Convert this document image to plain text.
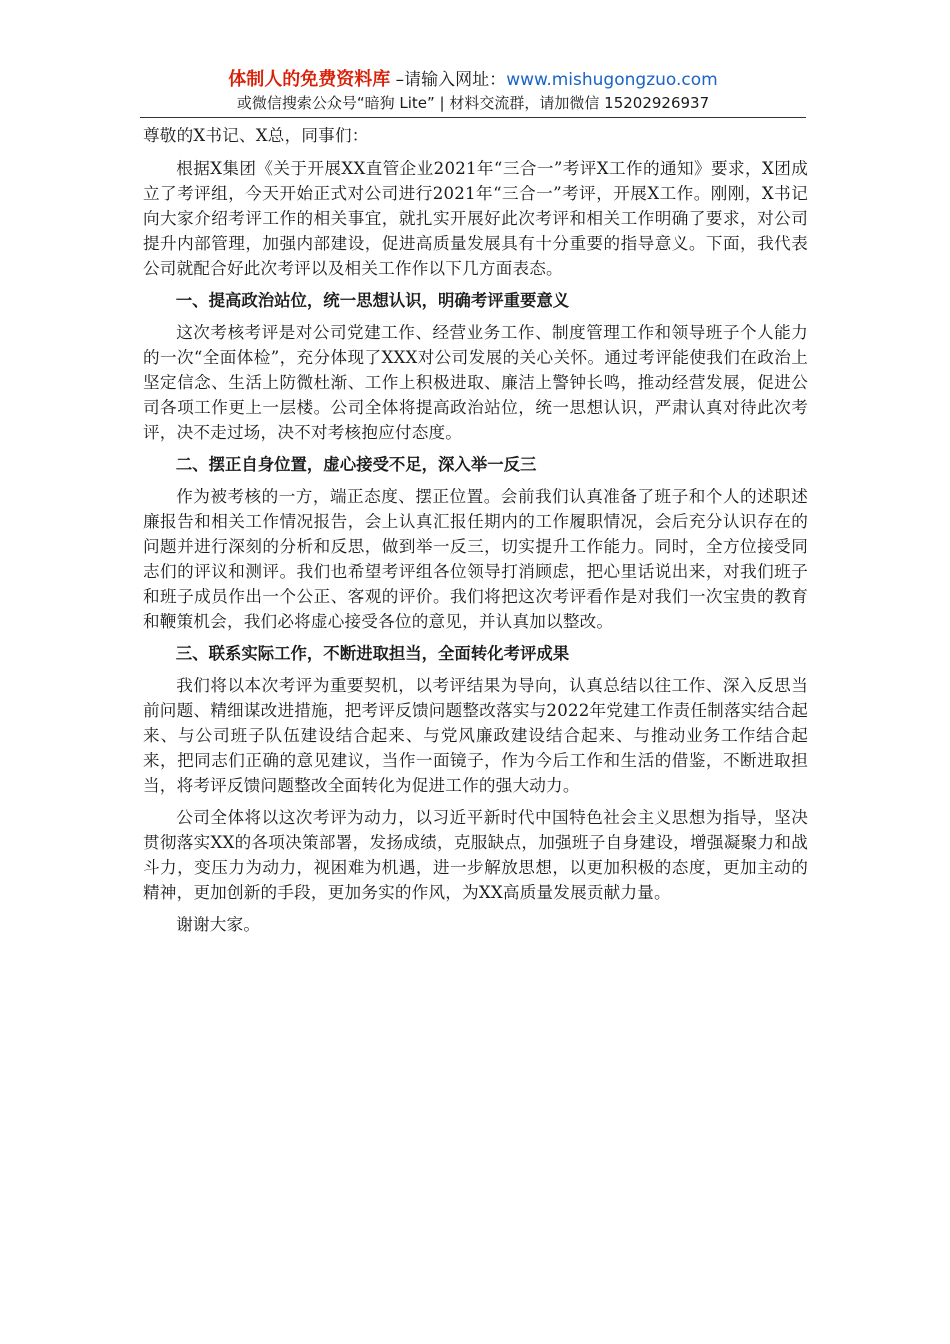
体制人的免费资料库 –请输入网址：www.mishugongzuo.com
或微信搜索公众号“暗狗 Lite” | 材料交流群，请加微信 15202926937

尊敬的X书记、X总，同事们：

根据X集团《关于开展XX直管企业2021年“三合一”考评X工作的通知》要求，X团成立了考评组，今天开始正式对公司进行2021年“三合一”考评，开展X工作。刚刚，X书记向大家介绍考评工作的相关事宜，就扎实开展好此次考评和相关工作明确了要求，对公司提升内部管理，加强内部建设，促进高质量发展具有十分重要的指导意义。下面，我代表公司就配合好此次考评以及相关工作作以下几方面表态。

一、提高政治站位，统一思想认识，明确考评重要意义

这次考核考评是对公司党建工作、经营业务工作、制度管理工作和领导班子个人能力的一次“全面体检”，充分体现了XXX对公司发展的关心关怀。通过考评能使我们在政治上坚定信念、生活上防微杜渐、工作上积极进取、廉洁上警钟长鸣，推动经营发展，促进公司各项工作更上一层楼。公司全体将提高政治站位，统一思想认识，严肃认真对待此次考评，决不走过场，决不对考核抱应付态度。

二、摆正自身位置，虚心接受不足，深入举一反三

作为被考核的一方，端正态度、摆正位置。会前我们认真准备了班子和个人的述职述廉报告和相关工作情况报告，会上认真汇报任期内的工作履职情况，会后充分认识存在的问题并进行深刻的分析和反思，做到举一反三，切实提升工作能力。同时，全方位接受同志们的评议和测评。我们也希望考评组各位领导打消顾虑，把心里话说出来，对我们班子和班子成员作出一个公正、客观的评价。我们将把这次考评看作是对我们一次宝贵的教育和鞭策机会，我们必将虚心接受各位的意见，并认真加以整改。

三、联系实际工作，不断进取担当，全面转化考评成果

我们将以本次考评为重要契机，以考评结果为导向，认真总结以往工作、深入反思当前问题、精细谋改进措施，把考评反馈问题整改落实与2022年党建工作责任制落实结合起来、与公司班子队伍建设结合起来、与党风廉政建设结合起来、与推动业务工作结合起来，把同志们正确的意见建议，当作一面镜子，作为今后工作和生活的借鉴，不断进取担当，将考评反馈问题整改全面转化为促进工作的强大动力。

公司全体将以这次考评为动力，以习近平新时代中国特色社会主义思想为指导，坚决贯彻落实XX的各项决策部署，发扬成绩，克服缺点，加强班子自身建设，增强凝聚力和战斗力，变压力为动力，视困难为机遇，进一步解放思想，以更加积极的态度，更加主动的精神，更加创新的手段，更加务实的作风，为XX高质量发展贡献力量。

谢谢大家。
